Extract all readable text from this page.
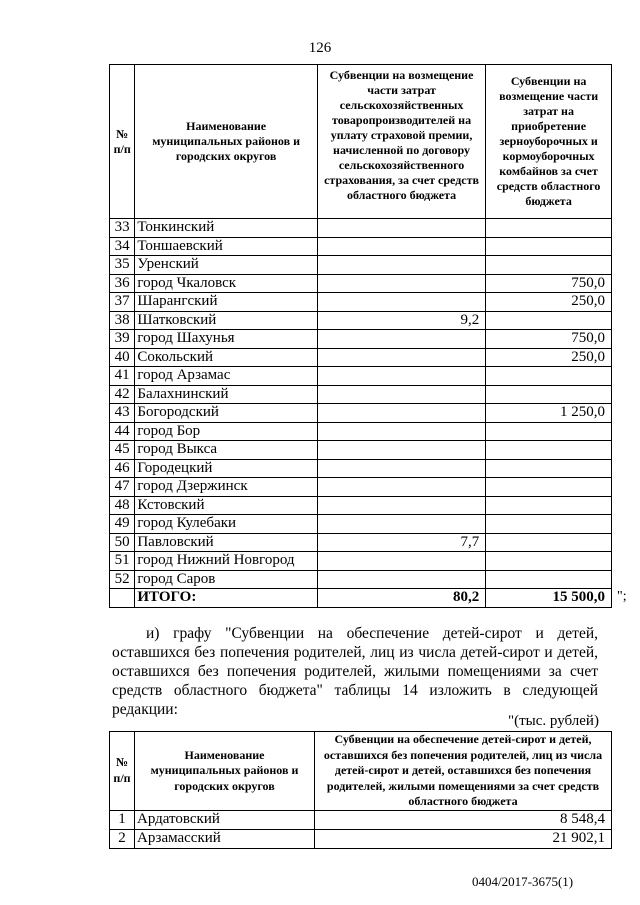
126
№ п/п	Наименование муниципальных районов и городских округов	Субвенции на возмещение части затрат сельскохозяйственных товаропроизводителей на уплату страховой премии, начисленной по договору сельскохозяйственного страхования, за счет средств областного бюджета	Субвенции на возмещение части затрат на приобретение зерноуборочных и кормоуборочных комбайнов за счет средств областного бюджета
33	Тонкинский		
34	Тоншаевский		
35	Уренский		
36	город Чкаловск		750,0
37	Шарангский		250,0
38	Шатковский	9,2	
39	город Шахунья		750,0
40	Сокольский		250,0
41	город Арзамас		
42	Балахнинский		
43	Богородский		1 250,0
44	город Бор		
45	город Выкса		
46	Городецкий		
47	город Дзержинск		
48	Кстовский		
49	город Кулебаки		
50	Павловский	7,7	
51	город Нижний Новгород		
52	город Саров		
	ИТОГО:	80,2	15 500,0 ";
и) графу "Субвенции на обеспечение детей-сирот и детей, оставшихся без попечения родителей, лиц из числа детей-сирот и детей, оставшихся без попечения родителей, жилыми помещениями за счет средств областного бюджета" таблицы 14 изложить в следующей редакции:
"(тыс. рублей)
№ п/п	Наименование муниципальных районов и городских округов	Субвенции на обеспечение детей-сирот и детей, оставшихся без попечения родителей, лиц из числа детей-сирот и детей, оставшихся без попечения родителей, жилыми помещениями за счет средств областного бюджета
1	Ардатовский	8 548,4
2	Арзамасский	21 902,1
0404/2017-3675(1)
